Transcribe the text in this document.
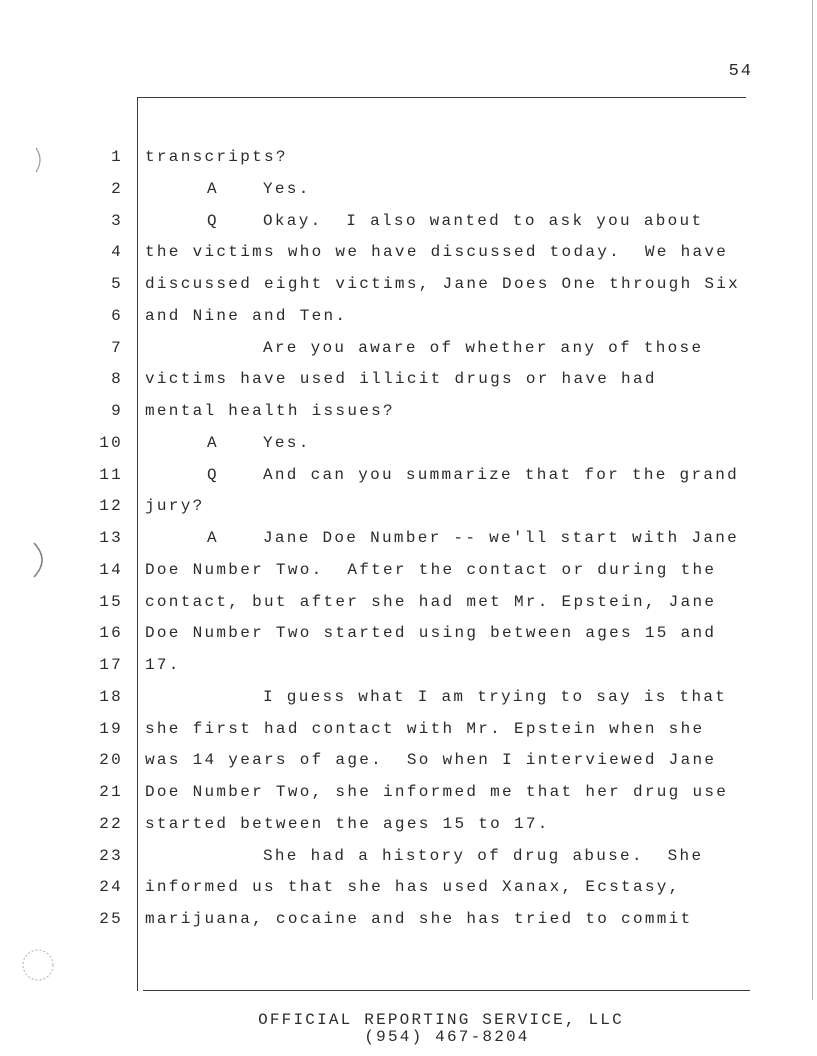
54
1 transcripts?
2	A	Yes.
3	Q	Okay.  I also wanted to ask you about
4 the victims who we have discussed today.  We have
5 discussed eight victims, Jane Does One through Six
6 and Nine and Ten.
7	Are you aware of whether any of those
8 victims have used illicit drugs or have had
9 mental health issues?
10	A	Yes.
11	Q	And can you summarize that for the grand
12 jury?
13	A	Jane Doe Number -- we'll start with Jane
14 Doe Number Two.  After the contact or during the
15 contact, but after she had met Mr. Epstein, Jane
16 Doe Number Two started using between ages 15 and
17 17.
18	I guess what I am trying to say is that
19 she first had contact with Mr. Epstein when she
20 was 14 years of age.  So when I interviewed Jane
21 Doe Number Two, she informed me that her drug use
22 started between the ages 15 to 17.
23	She had a history of drug abuse.  She
24 informed us that she has used Xanax, Ecstasy,
25 marijuana, cocaine and she has tried to commit
OFFICIAL REPORTING SERVICE, LLC
(954) 467-8204
